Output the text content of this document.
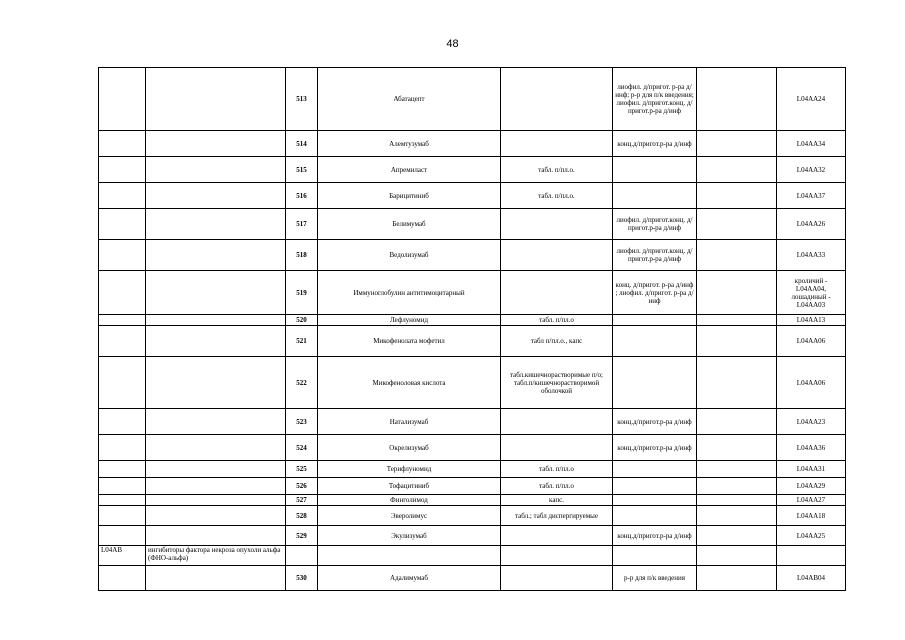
48
		513	Абатацепт		лиофил. д/пригот. р-ра д/инф; р-р для п/к введения; лиофил. д/пригот.конц. д/пригот.р-ра д/инф		L04AA24
		514	Алемтузумаб		конц.д/пригот.р-ра д/инф		L04AA34
		515	Апремиласт	табл. п/пл.о.			L04AA32
		516	Барицитиниб	табл. п/пл.о.			L04AA37
		517	Белимумаб		лиофил. д/пригот.конц. д/пригот.р-ра д/инф		L04AA26
		518	Ведолизумаб		лиофил. д/пригот.конц. д/пригот.р-ра д/инф		L04AA33
		519	Иммуноглобулин антитимоцитарный		конц. д/пригот. р-ра д/инф ; лиофил. д/пригот. р-ра д/инф		кроличий - L04AA04, лошадиный - L04AA03
		520	Лефлуномид	табл. п/пл.о			L04AA13
		521	Микофенолата мофетил	табл п/пл.о., капс			L04AA06
		522	Микофеноловая кислота	табл.кишечнорастворимые п/о; табл.п/кишечнорастворимой оболочкой			L04AA06
		523	Натализумаб		конц.д/пригот.р-ра д/инф		L04AA23
		524	Окрелизумаб		конц.д/пригот.р-ра д/инф		L04AA36
		525	Терифлуномид	табл. п/пл.о			L04AA31
		526	Тофацитиниб	табл. п/пл.о			L04AA29
		527	Финголимод	капс.			L04AA27
		528	Эверолимус	табл.; табл диспергируемые			L04AA18
		529	Экулизумаб		конц.д/пригот.р-ра д/инф		L04AA25
L04AB	ингибиторы фактора некроза опухоли альфа (ФНО-альфа)						
		530	Адалимумаб		р-р для п/к введения		L04AB04
